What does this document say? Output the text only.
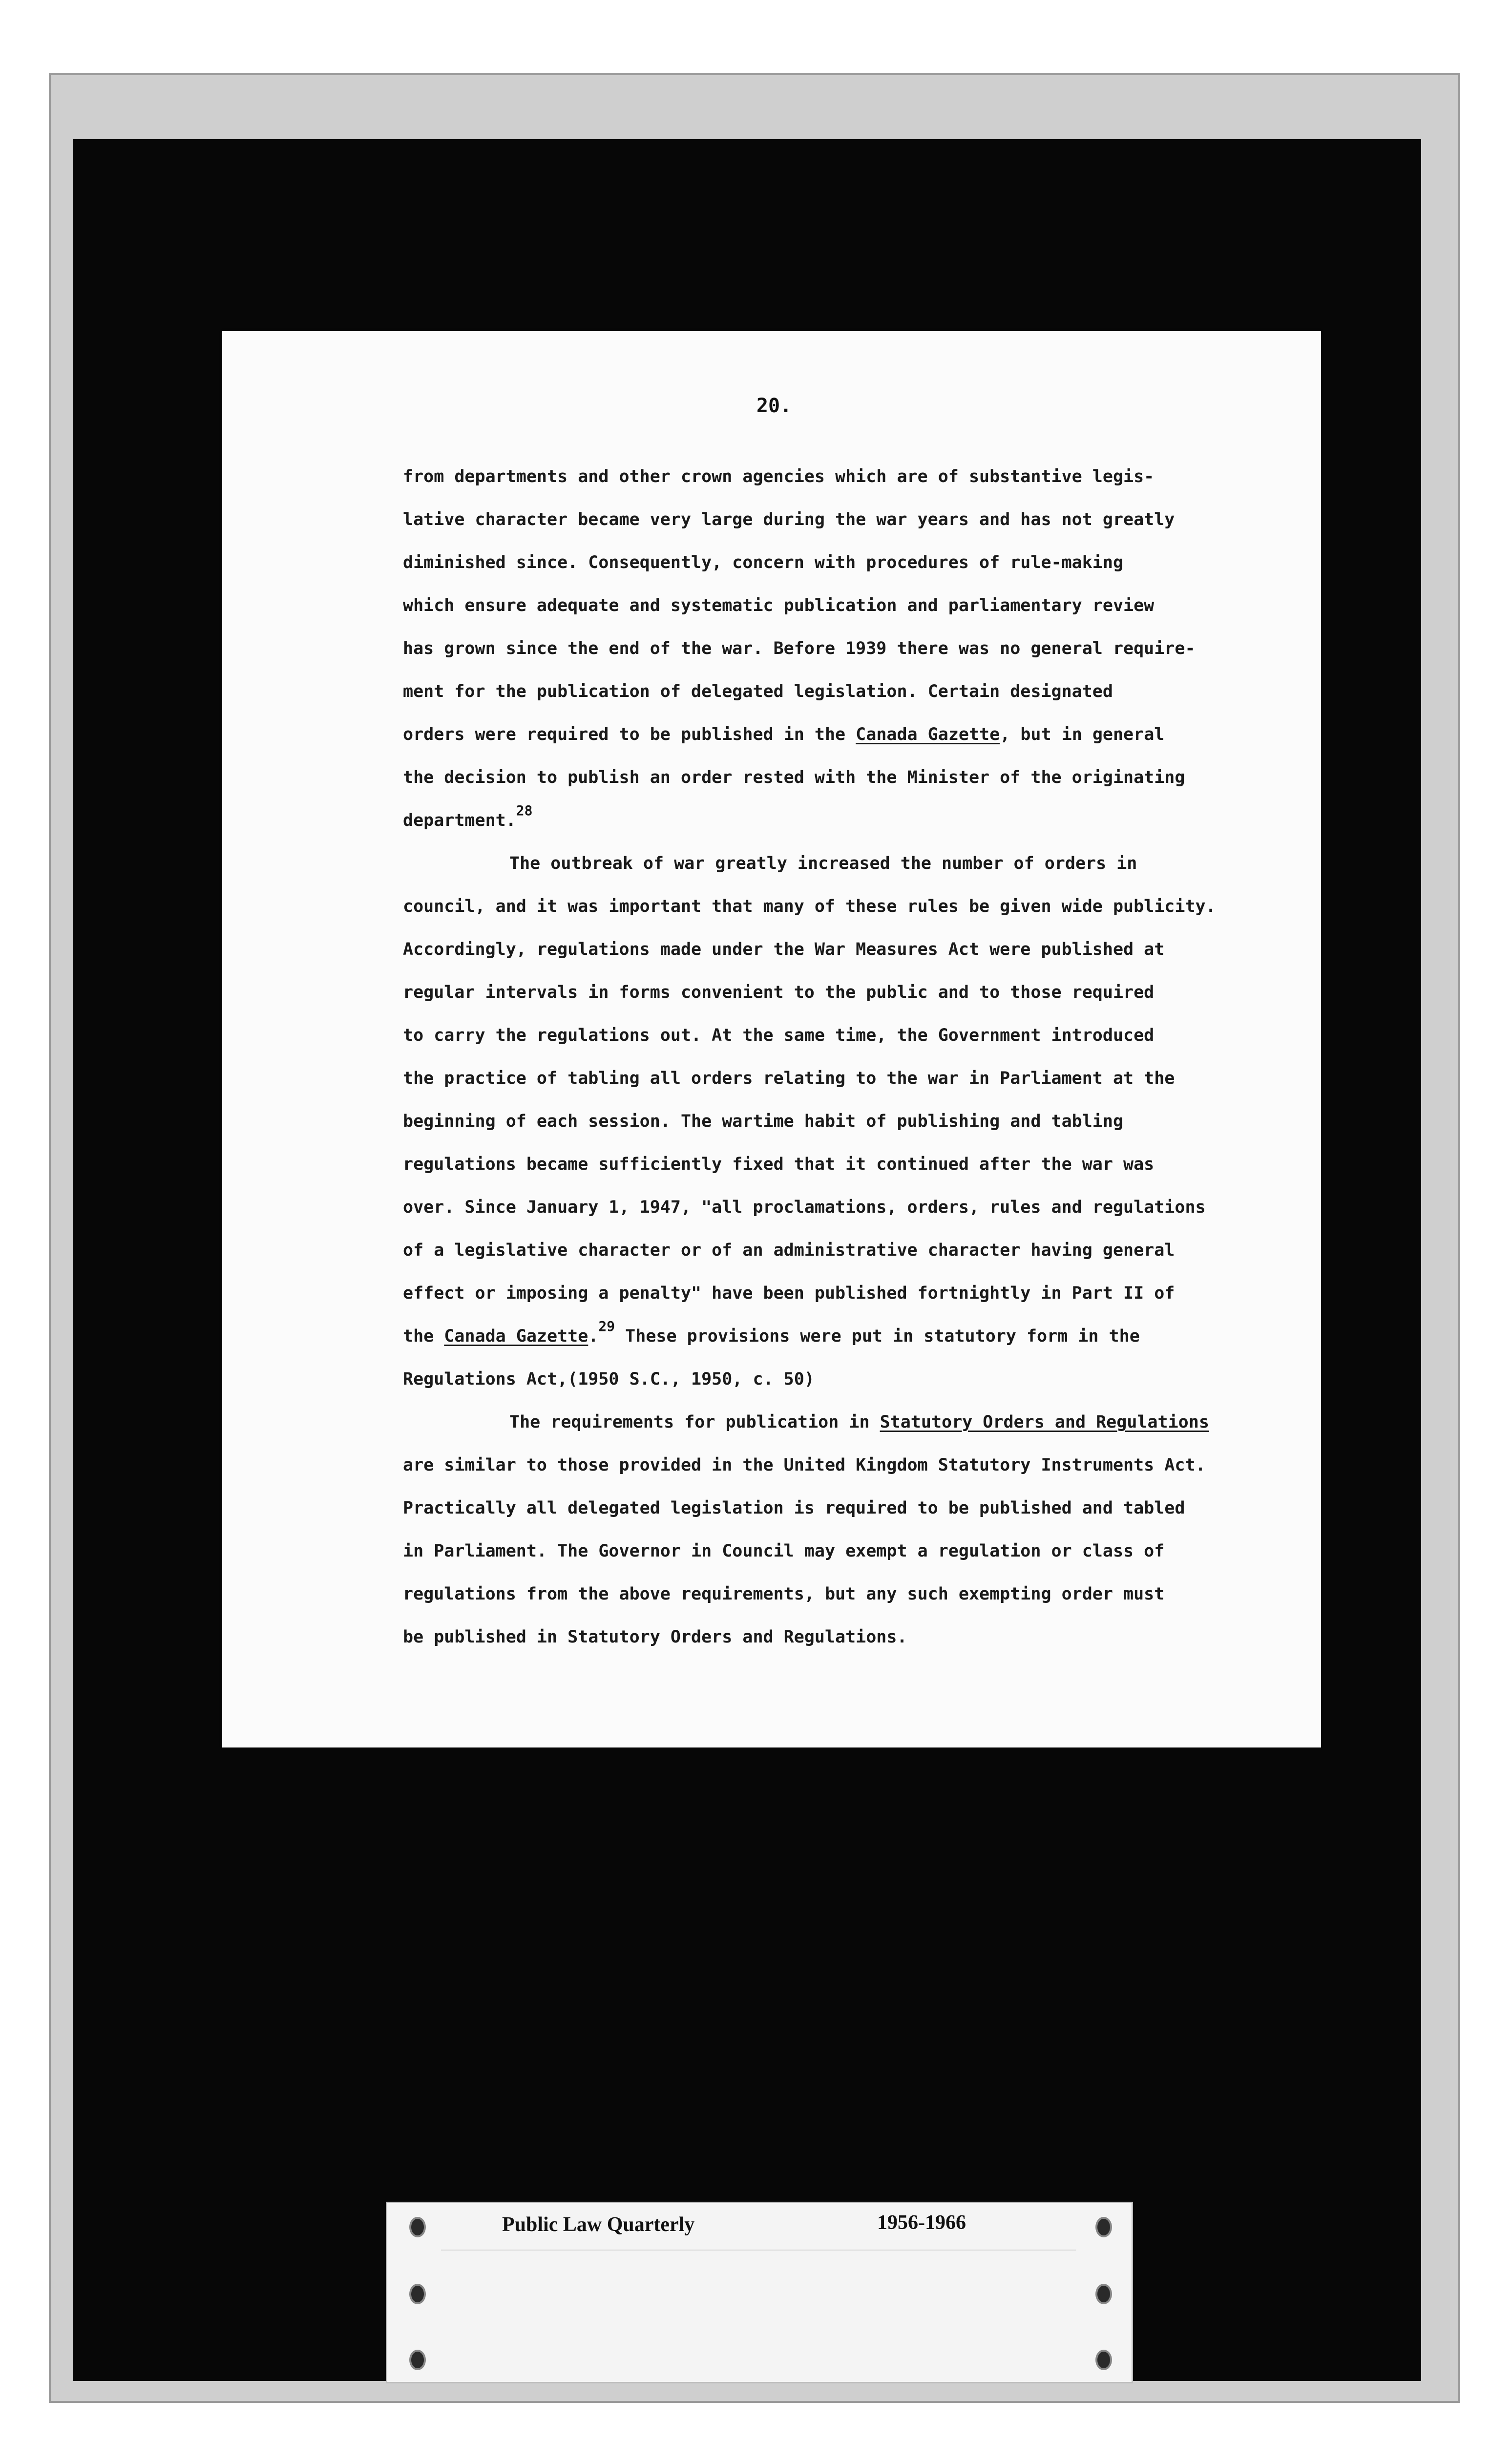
20.
from departments and other crown agencies which are of substantive legis-
lative character became very large during the war years and has not greatly
diminished since. Consequently, concern with procedures of rule-making
which ensure adequate and systematic publication and parliamentary review
has grown since the end of the war. Before 1939 there was no general require-
ment for the publication of delegated legislation. Certain designated
orders were required to be published in the Canada Gazette, but in general
the decision to publish an order rested with the Minister of the originating
department.$^{28}$
The outbreak of war greatly increased the number of orders in
council, and it was important that many of these rules be given wide publicity.
Accordingly, regulations made under the War Measures Act were published at
regular intervals in forms convenient to the public and to those required
to carry the regulations out. At the same time, the Government introduced
the practice of tabling all orders relating to the war in Parliament at the
beginning of each session. The wartime habit of publishing and tabling
regulations became sufficiently fixed that it continued after the war was
over. Since January 1, 1947, "all proclamations, orders, rules and regulations
of a legislative character or of an administrative character having general
effect or imposing a penalty" have been published fortnightly in Part II of
the Canada Gazette.$^{29}$ These provisions were put in statutory form in the
Regulations Act,(1950 S.C., 1950, c. 50)
The requirements for publication in Statutory Orders and Regulations
are similar to those provided in the United Kingdom Statutory Instruments Act.
Practically all delegated legislation is required to be published and tabled
in Parliament. The Governor in Council may exempt a regulation or class of
regulations from the above requirements, but any such exempting order must
be published in Statutory Orders and Regulations.
Public Law Quarterly	1956-1966
